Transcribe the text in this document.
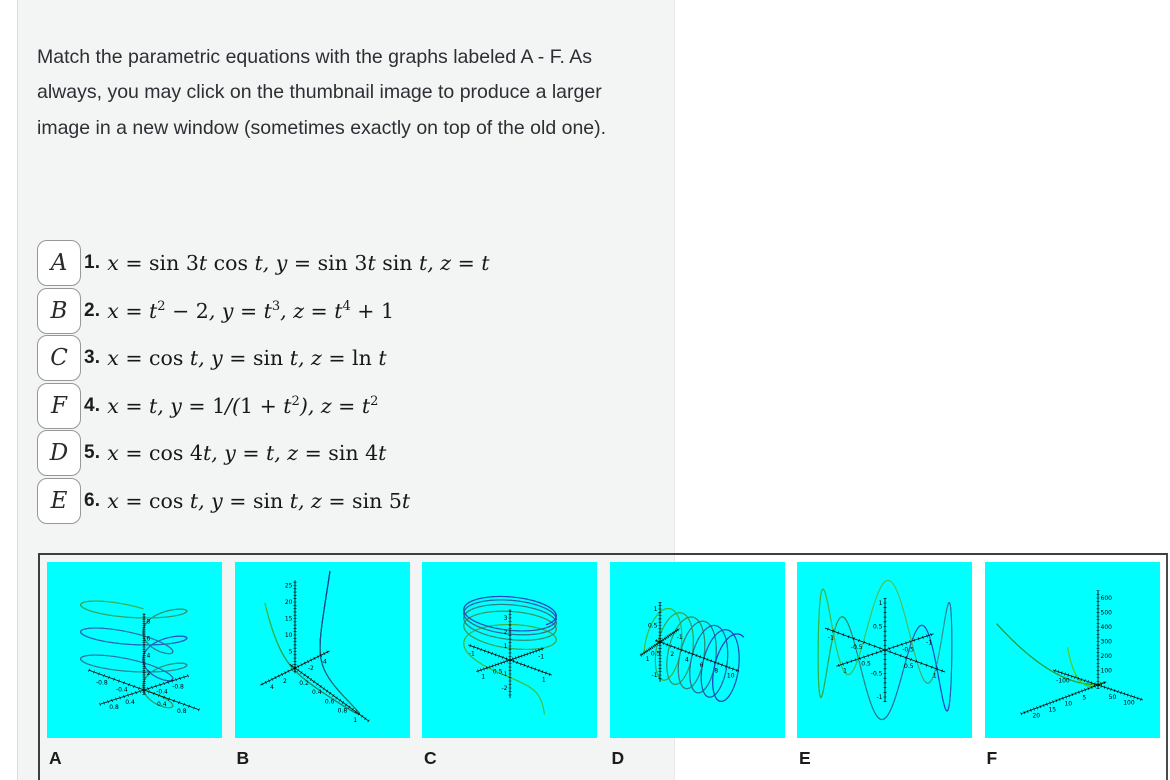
Match the parametric equations with the graphs labeled A - F. As always, you may click on the thumbnail image to produce a larger image in a new window (sometimes exactly on top of the old one).

A 1. x = sin 3t cos t, y = sin 3t sin t, z = t
B 2. $x = t^2 - 2$, $y = t^3$, $z = t^4 + 1$
C 3. x = cos t, y = sin t, z = ln t
F 4. x = t, $y = 1/(1 + t^2)$, $z = t^2$
D 5. x = cos 4t, y = t, z = sin 4t
E 6. x = cos t, y = sin t, z = sin 5t
A	B	C	D	E	F
